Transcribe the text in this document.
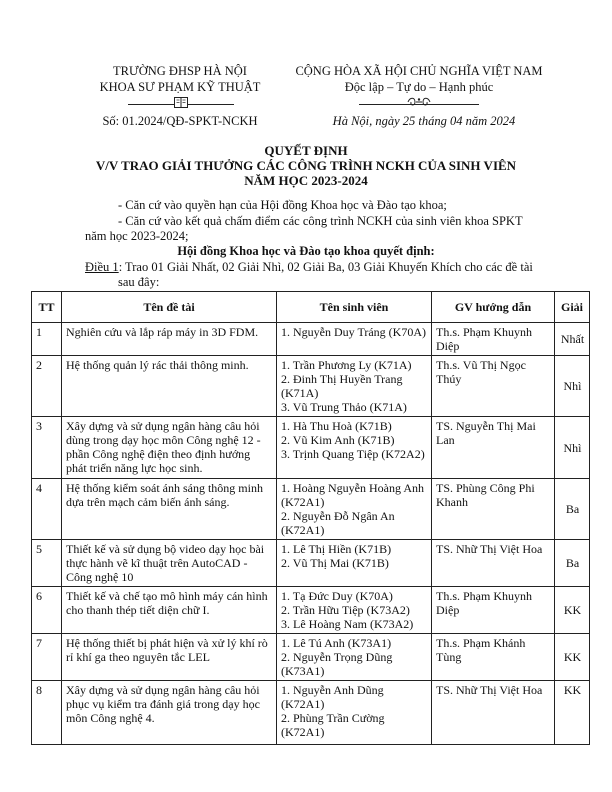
TRƯỜNG ĐHSP HÀ NỘI
KHOA SƯ PHẠM KỸ THUẬT
Số: 01.2024/QĐ-SPKT-NCKH
CỘNG HÒA XÃ HỘI CHỦ NGHĨA VIỆT NAM
Độc lập – Tự do – Hạnh phúc
Hà Nội, ngày 25 tháng 04 năm 2024
QUYẾT ĐỊNH
V/V TRAO GIẢI THƯỞNG CÁC CÔNG TRÌNH NCKH CỦA SINH VIÊN
NĂM HỌC 2023-2024
- Căn cứ vào quyền hạn của Hội đồng Khoa học và Đào tạo khoa;
- Căn cứ vào kết quả chấm điểm các công trình NCKH của sinh viên khoa SPKT
năm học 2023-2024;
Hội đồng Khoa học và Đào tạo khoa quyết định:
Điều 1: Trao 01 Giải Nhất, 02 Giải Nhì, 02 Giải Ba, 03 Giải Khuyến Khích cho các đề tài
sau đây:
TT	Tên đề tài	Tên sinh viên	GV hướng dẫn	Giải
1	Nghiên cứu và lắp ráp máy in 3D FDM.	1. Nguyễn Duy Tráng (K70A)	Th.s. Phạm Khuynh Diệp	Nhất
2	Hệ thống quản lý rác thải thông minh.	1. Trần Phương Ly (K71A)
2. Đinh Thị Huyền Trang (K71A)
3. Vũ Trung Thảo (K71A)	Th.s. Vũ Thị Ngọc Thúy	Nhì
3	Xây dựng và sử dụng ngân hàng câu hỏi dùng trong dạy học môn Công nghệ 12 - phần Công nghệ điện theo định hướng phát triển năng lực học sinh.	1. Hà Thu Hoà (K71B)
2. Vũ Kim Anh (K71B)
3. Trịnh Quang Tiệp (K72A2)	TS. Nguyễn Thị Mai Lan	Nhì
4	Hệ thống kiểm soát ánh sáng thông minh dựa trên mạch cảm biến ánh sáng.	1. Hoàng Nguyễn Hoàng Anh (K72A1)
2. Nguyễn Đỗ Ngân An (K72A1)	TS. Phùng Công Phi Khanh	Ba
5	Thiết kế và sử dụng bộ video dạy học bài thực hành vẽ kĩ thuật trên AutoCAD - Công nghệ 10	1. Lê Thị Hiền (K71B)
2. Vũ Thị Mai (K71B)	TS. Nhữ Thị Việt Hoa	Ba
6	Thiết kế và chế tạo mô hình máy cán hình cho thanh thép tiết diện chữ I.	1. Tạ Đức Duy (K70A)
2. Trần Hữu Tiệp (K73A2)
3. Lê Hoàng Nam (K73A2)	Th.s. Phạm Khuynh Diệp	KK
7	Hệ thống thiết bị phát hiện và xử lý khí rò rỉ khí ga theo nguyên tắc LEL	1. Lê Tú Anh (K73A1)
2. Nguyễn Trọng Dũng (K73A1)	Th.s. Phạm Khánh Tùng	KK
8	Xây dựng và sử dụng ngân hàng câu hỏi phục vụ kiểm tra đánh giá trong dạy học môn Công nghệ 4.	1. Nguyễn Anh Dũng (K72A1)
2. Phùng Trần Cường (K72A1)	TS. Nhữ Thị Việt Hoa	KK
